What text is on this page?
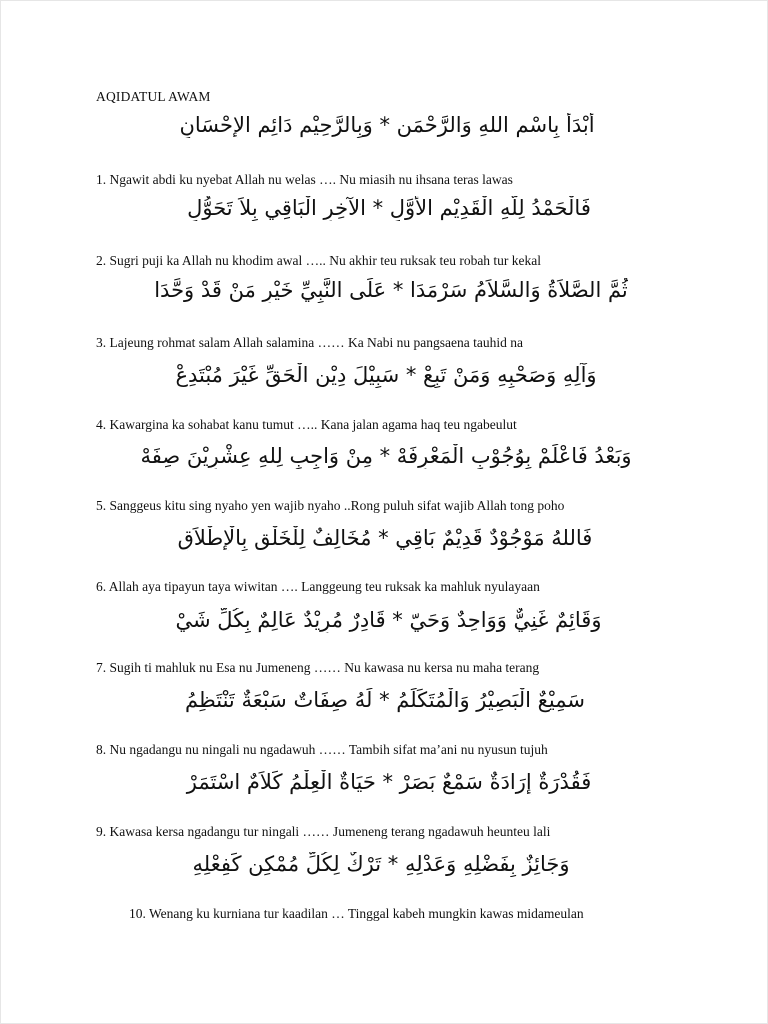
AQIDATUL AWAM
أَبْدَأُ بِاسْمِ اللهِ وَالرَّحْمَنِ * وَبِالرَّحِيْمِ دَائِمِ الإِحْسَانِ
1. Ngawit abdi ku nyebat Allah nu welas …. Nu miasih nu ihsana teras lawas
فَالْحَمْدُ لِلَّهِ الْقَدِيْمِ الأَوَّلِ * الآخِرِ الْبَاقِي بِلاَ تَحَوُّلِ
2. Sugri puji ka Allah nu khodim awal ….. Nu akhir teu ruksak teu robah tur kekal
ثُمَّ الصَّلاَةُ وَالسَّلاَمُ سَرْمَدَا * عَلَى النَّبِيِّ خَيْرِ مَنْ قَدْ وَحَّدَا
3. Lajeung rohmat salam Allah salamina …… Ka Nabi nu pangsaena tauhid na
وَآلِهِ وَصَحْبِهِ وَمَنْ تَبِعْ * سَبِيْلَ دِيْنِ الْحَقِّ غَيْرَ مُبْتَدِعْ
4. Kawargina ka sohabat kanu tumut ….. Kana jalan agama haq teu ngabeulut
وَبَعْدُ فَاعْلَمْ بِوُجُوْبِ الْمَعْرِفَهْ * مِنْ وَاجِبٍ لِلهِ عِشْرِيْنَ صِفَهْ
5. Sanggeus kitu sing nyaho yen wajib nyaho ..Rong puluh sifat wajib Allah tong poho
فَاللهُ مَوْجُوْدٌ قَدِيْمٌ بَاقِي * مُخَالِفٌ لِلْخَلْقِ بِالْإِطْلاَقِ
6. Allah aya tipayun taya wiwitan …. Langgeung teu ruksak ka mahluk nyulayaan
وَقَائِمٌ غَنِيٌّ وَوَاحِدٌ وَحَيّ * قَادِرٌ مُرِيْدٌ عَالِمٌ بِكُلِّ شَيْ
7. Sugih ti mahluk nu Esa nu Jumeneng …… Nu kawasa nu kersa nu maha terang
سَمِيْعٌ الْبَصِيْرُ وَالْمُتَكَلِّمُ * لَهُ صِفَاتٌ سَبْعَةٌ تَنْتَظِمُ
8. Nu ngadangu nu ningali nu ngadawuh …… Tambih sifat ma’ani nu nyusun tujuh
فَقُدْرَةٌ إِرَادَةٌ سَمْعٌ بَصَرْ * حَيَاةٌ الْعِلْمُ كَلاَمٌ اسْتَمَرْ
9. Kawasa kersa ngadangu tur ningali …… Jumeneng terang ngadawuh heunteu lali
وَجَائِزٌ بِفَضْلِهِ وَعَدْلِهِ * تَرْكٌ لِكُلِّ مُمْكِنٍ كَفِعْلِهِ
10. Wenang ku kurniana tur kaadilan … Tinggal kabeh mungkin kawas midameulan
